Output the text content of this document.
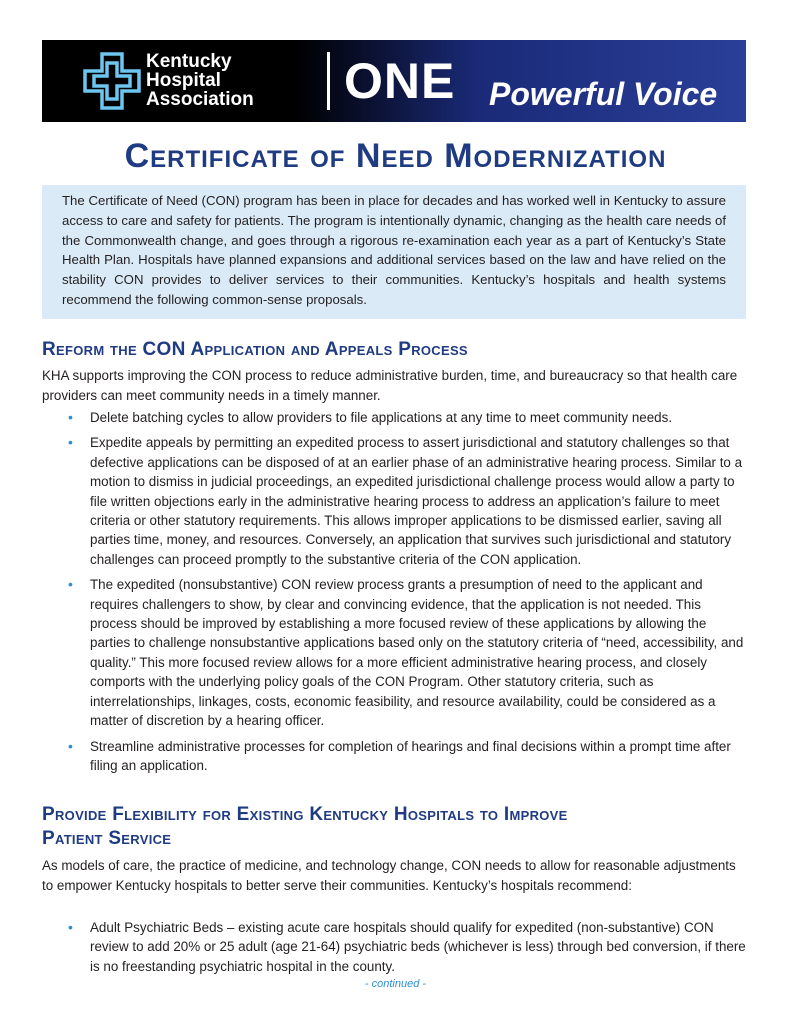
Kentucky
Hospital
Association ONE Powerful Voice
Certificate of Need Modernization
The Certificate of Need (CON) program has been in place for decades and has worked well in Kentucky to assure access to care and safety for patients. The program is intentionally dynamic, changing as the health care needs of the Commonwealth change, and goes through a rigorous re-examination each year as a part of Kentucky’s State Health Plan. Hospitals have planned expansions and additional services based on the law and have relied on the stability CON provides to deliver services to their communities. Kentucky’s hospitals and health systems recommend the following common-sense proposals.
Reform the CON Application and Appeals Process
KHA supports improving the CON process to reduce administrative burden, time, and bureaucracy so that health care providers can meet community needs in a timely manner.
• Delete batching cycles to allow providers to file applications at any time to meet community needs.
• Expedite appeals by permitting an expedited process to assert jurisdictional and statutory challenges so that defective applications can be disposed of at an earlier phase of an administrative hearing process. Similar to a motion to dismiss in judicial proceedings, an expedited jurisdictional challenge process would allow a party to file written objections early in the administrative hearing process to address an application’s failure to meet criteria or other statutory requirements. This allows improper applications to be dismissed earlier, saving all parties time, money, and resources. Conversely, an application that survives such jurisdictional and statutory challenges can proceed promptly to the substantive criteria of the CON application.
• The expedited (nonsubstantive) CON review process grants a presumption of need to the applicant and requires challengers to show, by clear and convincing evidence, that the application is not needed. This process should be improved by establishing a more focused review of these applications by allowing the parties to challenge nonsubstantive applications based only on the statutory criteria of “need, accessibility, and quality.” This more focused review allows for a more efficient administrative hearing process, and closely comports with the underlying policy goals of the CON Program. Other statutory criteria, such as interrelationships, linkages, costs, economic feasibility, and resource availability, could be considered as a matter of discretion by a hearing officer.
• Streamline administrative processes for completion of hearings and final decisions within a prompt time after filing an application.
Provide Flexibility for Existing Kentucky Hospitals to Improve
Patient Service
As models of care, the practice of medicine, and technology change, CON needs to allow for reasonable adjustments to empower Kentucky hospitals to better serve their communities. Kentucky’s hospitals recommend:
• Adult Psychiatric Beds – existing acute care hospitals should qualify for expedited (non-substantive) CON review to add 20% or 25 adult (age 21-64) psychiatric beds (whichever is less) through bed conversion, if there is no freestanding psychiatric hospital in the county.
- continued -
